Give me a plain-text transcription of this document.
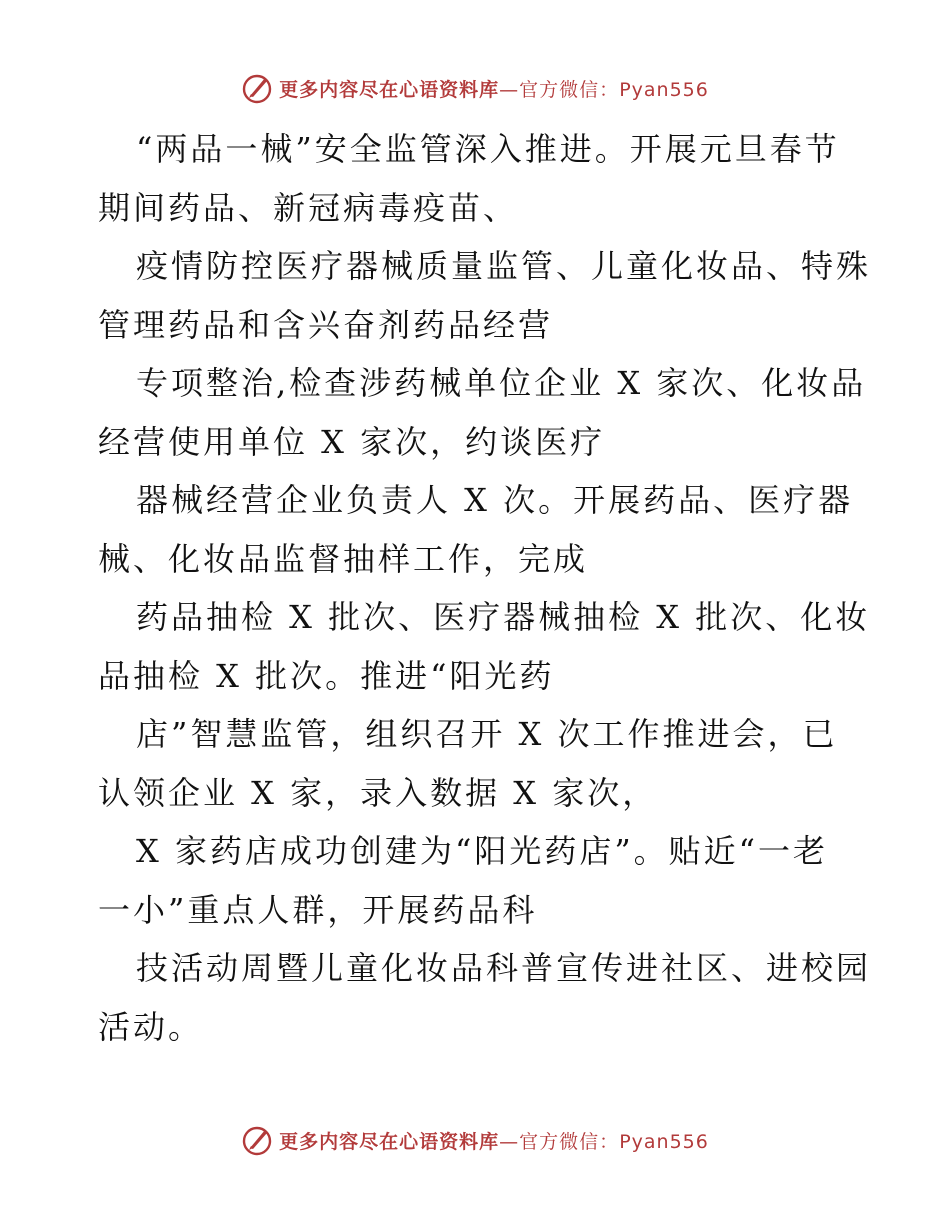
更多内容尽在心语资料库—官方微信：Pyan556
“两品一械”安全监管深入推进。开展元旦春节
期间药品、新冠病毒疫苗、
疫情防控医疗器械质量监管、儿童化妆品、特殊
管理药品和含兴奋剂药品经营
专项整治,检查涉药械单位企业 X 家次、化妆品
经营使用单位 X 家次，约谈医疗
器械经营企业负责人 X 次。开展药品、医疗器
械、化妆品监督抽样工作，完成
药品抽检 X 批次、医疗器械抽检 X 批次、化妆
品抽检 X 批次。推进“阳光药
店”智慧监管，组织召开 X 次工作推进会，已
认领企业 X 家，录入数据 X 家次，
X 家药店成功创建为“阳光药店”。贴近“一老
一小”重点人群，开展药品科
技活动周暨儿童化妆品科普宣传进社区、进校园
活动。
更多内容尽在心语资料库—官方微信：Pyan556
